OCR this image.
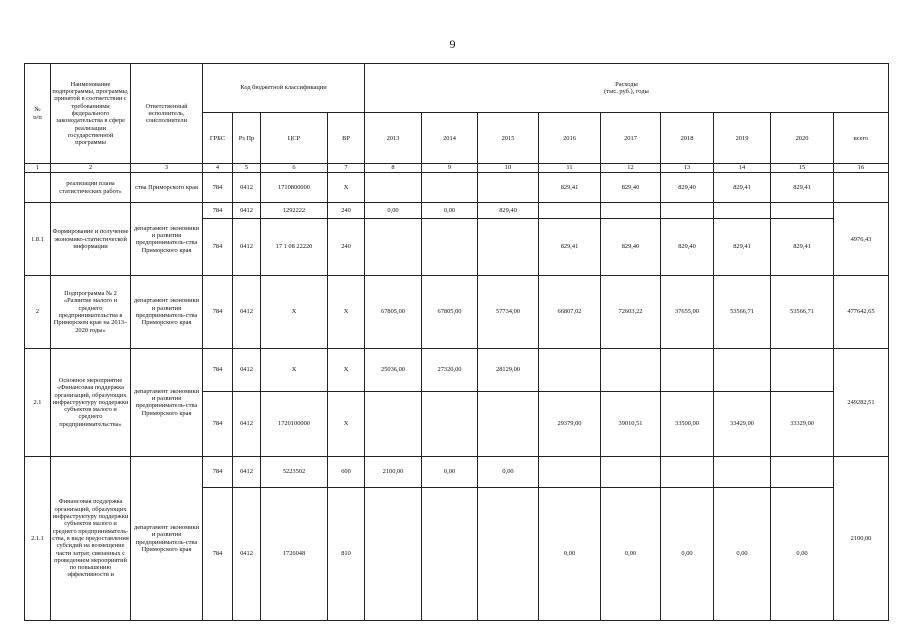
9
№
п/п	Наименование подпрограммы, программы, принятой в соответствии с требованиями федерального законодательства в сфере реализации государственной программы	Ответственный исполнитель, соисполнители	Код бюджетной классификации				Расходы
(тыс. руб.), годы								
			ГРБС	Рз Пр	ЦСР	ВР	2013	2014	2015	2016	2017	2018	2019	2020	всего
1	2	3	4	5	6	7	8	9	10	11	12	13	14	15	16
	реализации плана статистических работ»	ства Приморского края	784	0412	1710800000	Х				829,41	829,40	829,40	829,41	829,41	
1.8.1	Формирование и получение экономико-статистической информации	департамент экономики и развития предприниматель-ства Приморского края	784	0412	1292222	240	0,00	0,00	829,40						4976,43
			784	0412	17 1 08 22220	240				829,41	829,40	829,40	829,41	829,41	
2	Подпрограмма № 2 «Развитие малого и среднего предпринимательства в Приморском крае на 2013–2020 годы»	департамент экономики и развития предприниматель-ства Приморского края	784	0412	Х	Х	67805,00	67805,00	57734,00	66807,02	72603,22	37655,00	53566,71	53566,71	477642,65
2.1	Основное мероприятие «Финансовая поддержка организаций, образующих инфраструктуру поддержки субъектов малого и среднего предпринимательства»	департамент экономики и развития предприниматель-ства Приморского края	784	0412	Х	Х	25036,00	27320,00	28129,00						249282,51
			784	0412	1720100000	Х				29379,00	39010,51	33500,00	33429,00	33329,00	
2.1.1	Финансовая поддержка организаций, образующих инфраструктуру поддержки субъектов малого и среднего предприниматель-ства, в виде предоставления субсидий на возмещение части затрат, связанных с проведением мероприятий по повышению эффективности и	департамент экономики и развития предприниматель-ства Приморского края	784	0412	5223502	600	2100,00	0,00	0,00						2100,00
			784	0412	1726048	810				0,00	0,00	0,00	0,00	0,00	
